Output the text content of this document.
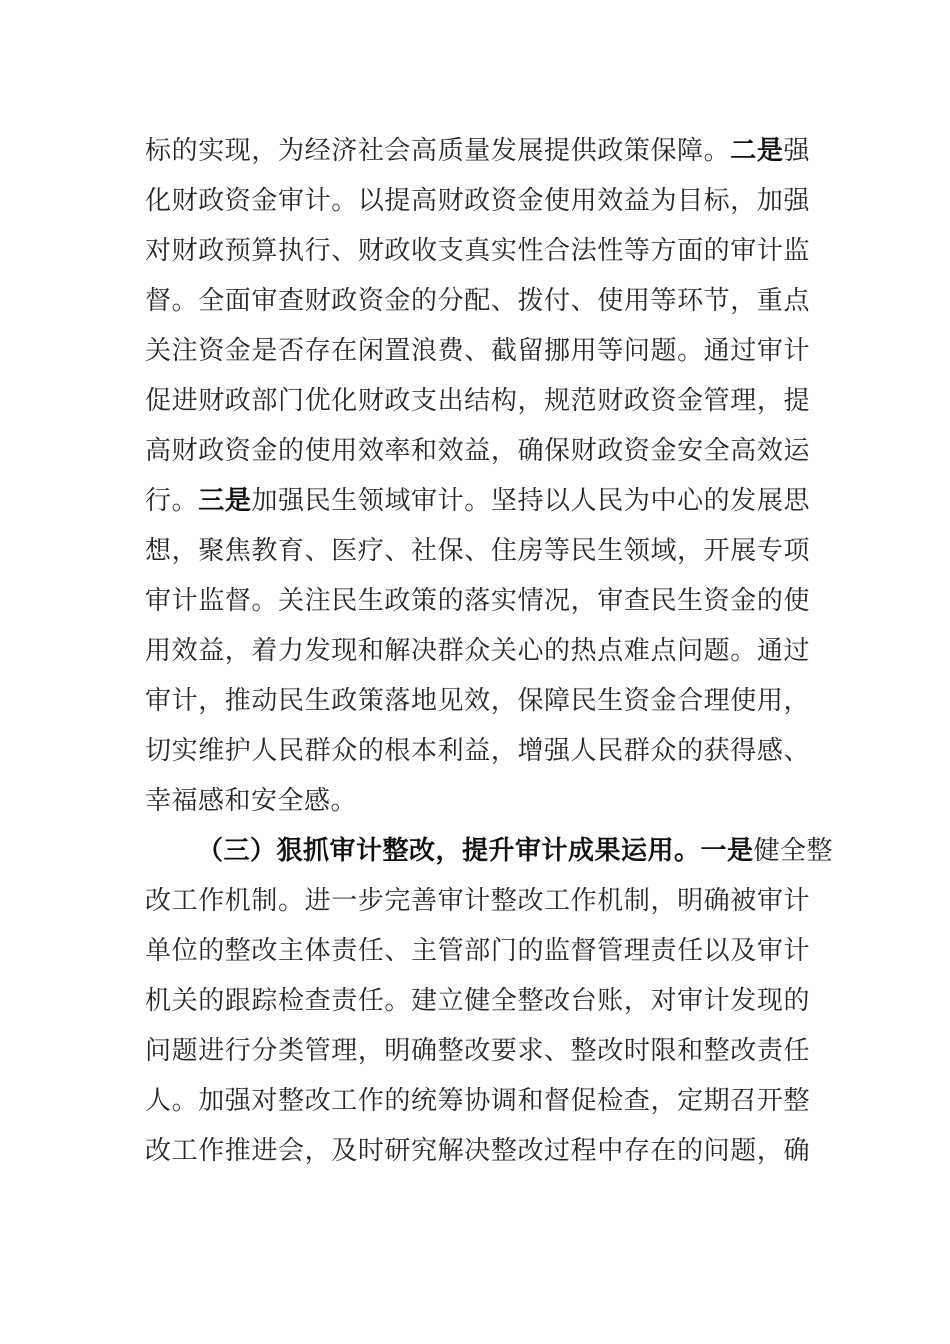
标的实现，为经济社会高质量发展提供政策保障。二是强
化财政资金审计。以提高财政资金使用效益为目标，加强
对财政预算执行、财政收支真实性合法性等方面的审计监
督。全面审查财政资金的分配、拨付、使用等环节，重点
关注资金是否存在闲置浪费、截留挪用等问题。通过审计
促进财政部门优化财政支出结构，规范财政资金管理，提
高财政资金的使用效率和效益，确保财政资金安全高效运
行。三是加强民生领域审计。坚持以人民为中心的发展思
想，聚焦教育、医疗、社保、住房等民生领域，开展专项
审计监督。关注民生政策的落实情况，审查民生资金的使
用效益，着力发现和解决群众关心的热点难点问题。通过
审计，推动民生政策落地见效，保障民生资金合理使用，
切实维护人民群众的根本利益，增强人民群众的获得感、
幸福感和安全感。
（三）狠抓审计整改，提升审计成果运用。一是健全整
改工作机制。进一步完善审计整改工作机制，明确被审计
单位的整改主体责任、主管部门的监督管理责任以及审计
机关的跟踪检查责任。建立健全整改台账，对审计发现的
问题进行分类管理，明确整改要求、整改时限和整改责任
人。加强对整改工作的统筹协调和督促检查，定期召开整
改工作推进会，及时研究解决整改过程中存在的问题，确
